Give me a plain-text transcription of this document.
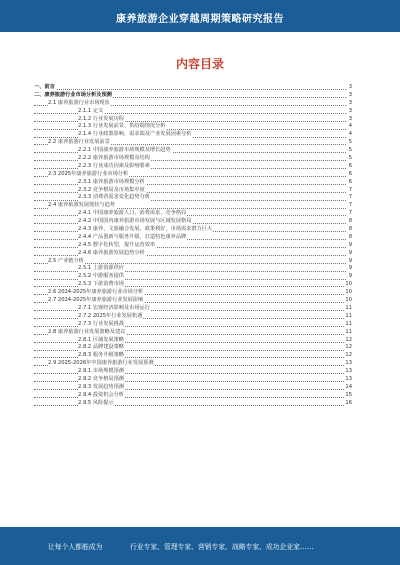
康养旅游企业穿越周期策略研究报告
内容目录
一、前言	3
二、康养旅游行业市场分析及预测	3
2.1 康养旅游行业市场现状	3
2.1.1 定义	3
2.1.2 行业发展历程	3
2.1.3 行业发展前景、供给端情况分析	4
2.1.4 行业政策影响、需求端及产业发展因素分析	4
2.2 康养旅游行业发展前景	5
2.2.1 中国康养旅游市场规模及增长趋势	5
2.2.2 康养旅游市场规模及结构	5
2.2.3 行业成功因素及影响要素	6
2.3 2025年康养旅游行业市场分析	6
2.3.1 康养旅游市场规模分析	6
2.3.2 竞争格局及市场集中度	7
2.3.3 消费者需求变化趋势分析	7
2.4 康养旅游发展现状与趋势	7
2.4.1 中国康养旅游人口、消费需求、竞争格局	7
2.4.2 中国国内康养旅游市场发展与区域发展格局	8
2.4.3 康养、文旅融合发展，政策利好，市场需求潜力巨大	8
2.4.4 产品创新与服务升级，打造特色康养品牌	8
2.4.5 数字化转型，提升运营效率	9
2.4.6 康养旅游发展趋势分析	9
2.5 产业链分析	9
2.5.1 上游资源供应	9
2.5.2 中游服务提供	9
2.5.3 下游消费市场	10
2.6 2024-2025年康养旅游行业市场分析	10
2.7 2024-2025年康养旅游行业发展影响	10
2.7.1 宏观经济影响及市场运行	11
2.7.2 2025年行业发展机遇	11
2.7.3 行业发展挑战	11
2.8 康养旅游行业发展策略及建议	11
2.8.1 区域发展策略	12
2.8.2 品牌建设策略	12
2.8.3 服务升级策略	12
2.9 2025-2026年中国康养旅游行业发展预测	13
2.9.1 市场规模预测	13
2.9.2 竞争格局预测	13
2.9.3 发展趋势预测	14
2.9.4 投资机会分析	15
2.9.5 风险提示	16
让每个人都能成为	行业专家、管理专家、营销专家、战略专家、成功企业家……
